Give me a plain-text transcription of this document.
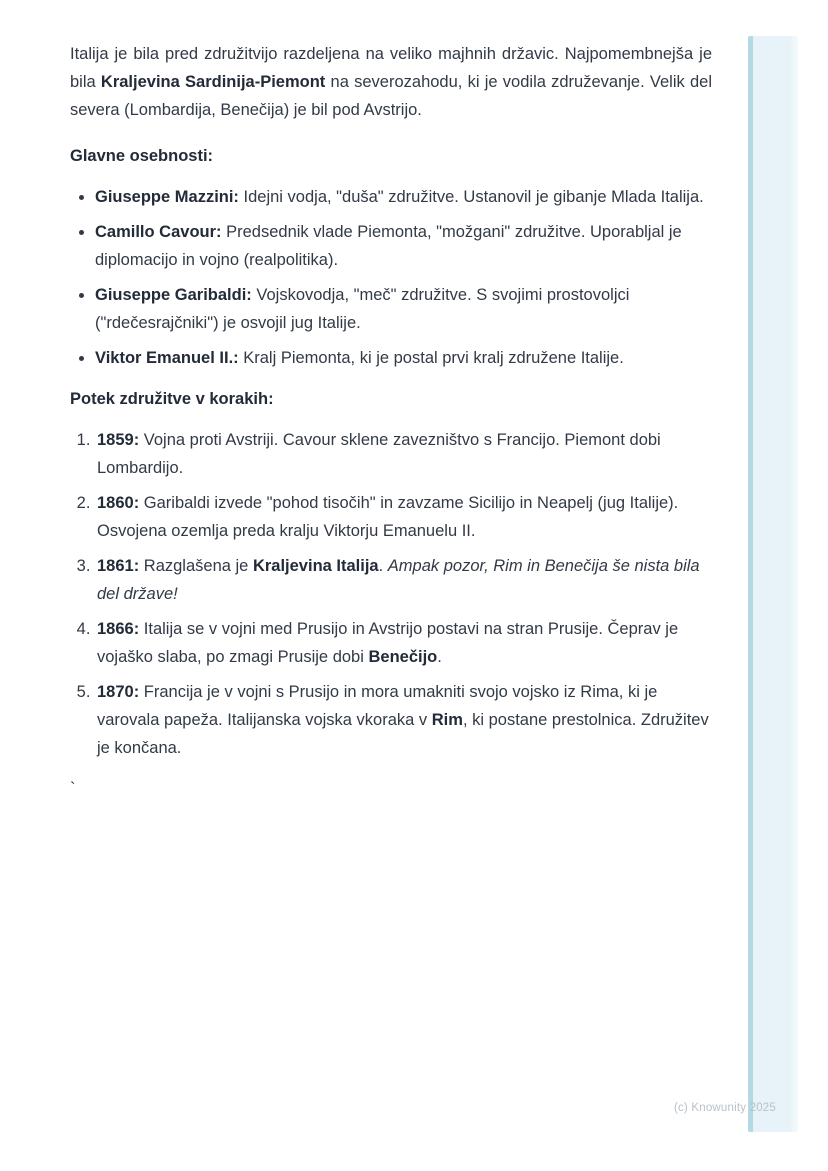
Italija je bila pred združitvijo razdeljena na veliko majhnih državic. Najpomembnejša je bila Kraljevina Sardinija-Piemont na severozahodu, ki je vodila združevanje. Velik del severa (Lombardija, Benečija) je bil pod Avstrijo.

Glavne osebnosti:

• Giuseppe Mazzini: Idejni vodja, "duša" združitve. Ustanovil je gibanje Mlada Italija.
• Camillo Cavour: Predsednik vlade Piemonta, "možgani" združitve. Uporabljal je diplomacijo in vojno (realpolitika).
• Giuseppe Garibaldi: Vojskovodja, "meč" združitve. S svojimi prostovoljci ("rdečesrajčniki") je osvojil jug Italije.
• Viktor Emanuel II.: Kralj Piemonta, ki je postal prvi kralj združene Italije.

Potek združitve v korakih:

1. 1859: Vojna proti Avstriji. Cavour sklene zavezništvo s Francijo. Piemont dobi Lombardijo.
2. 1860: Garibaldi izvede "pohod tisočih" in zavzame Sicilijo in Neapelj (jug Italije). Osvojena ozemlja preda kralju Viktorju Emanuelu II.
3. 1861: Razglašena je Kraljevina Italija. Ampak pozor, Rim in Benečija še nista bila del države!
4. 1866: Italija se v vojni med Prusijo in Avstrijo postavi na stran Prusije. Čeprav je vojaško slaba, po zmagi Prusije dobi Benečijo.
5. 1870: Francija je v vojni s Prusijo in mora umakniti svojo vojsko iz Rima, ki je varovala papeža. Italijanska vojska vkoraka v Rim, ki postane prestolnica. Združitev je končana.

`

(c) Knowunity 2025
